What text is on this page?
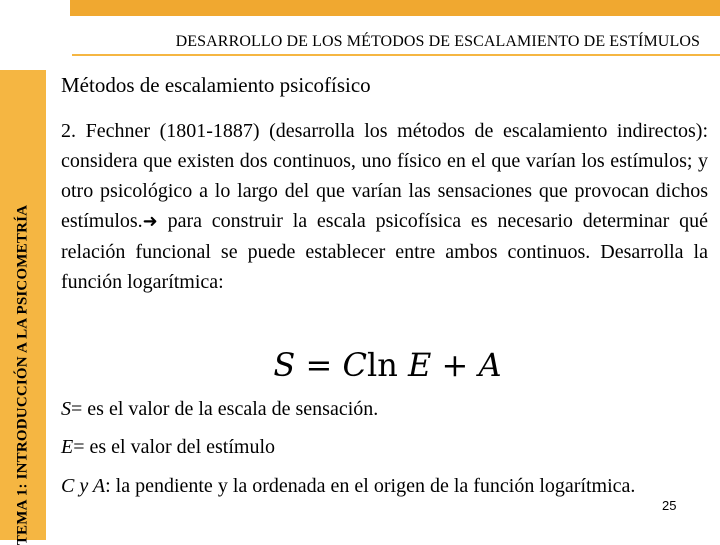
DESARROLLO DE LOS MÉTODOS DE ESCALAMIENTO DE ESTÍMULOS
TEMA 1: INTRODUCCIÓN A LA PSICOMETRÍA
Métodos de escalamiento psicofísico

2. Fechner (1801-1887) (desarrolla los métodos de escalamiento indirectos): considera que existen dos continuos, uno físico en el que varían los estímulos; y otro psicológico a lo largo del que varían las sensaciones que provocan dichos estímulos.➜ para construir la escala psicofísica es necesario determinar qué relación funcional se puede establecer entre ambos continuos. Desarrolla la función logarítmica:

S = Cln E + A

S= es el valor de la escala de sensación.

E= es el valor del estímulo

C y A: la pendiente y la ordenada en el origen de la función logarítmica.

25
